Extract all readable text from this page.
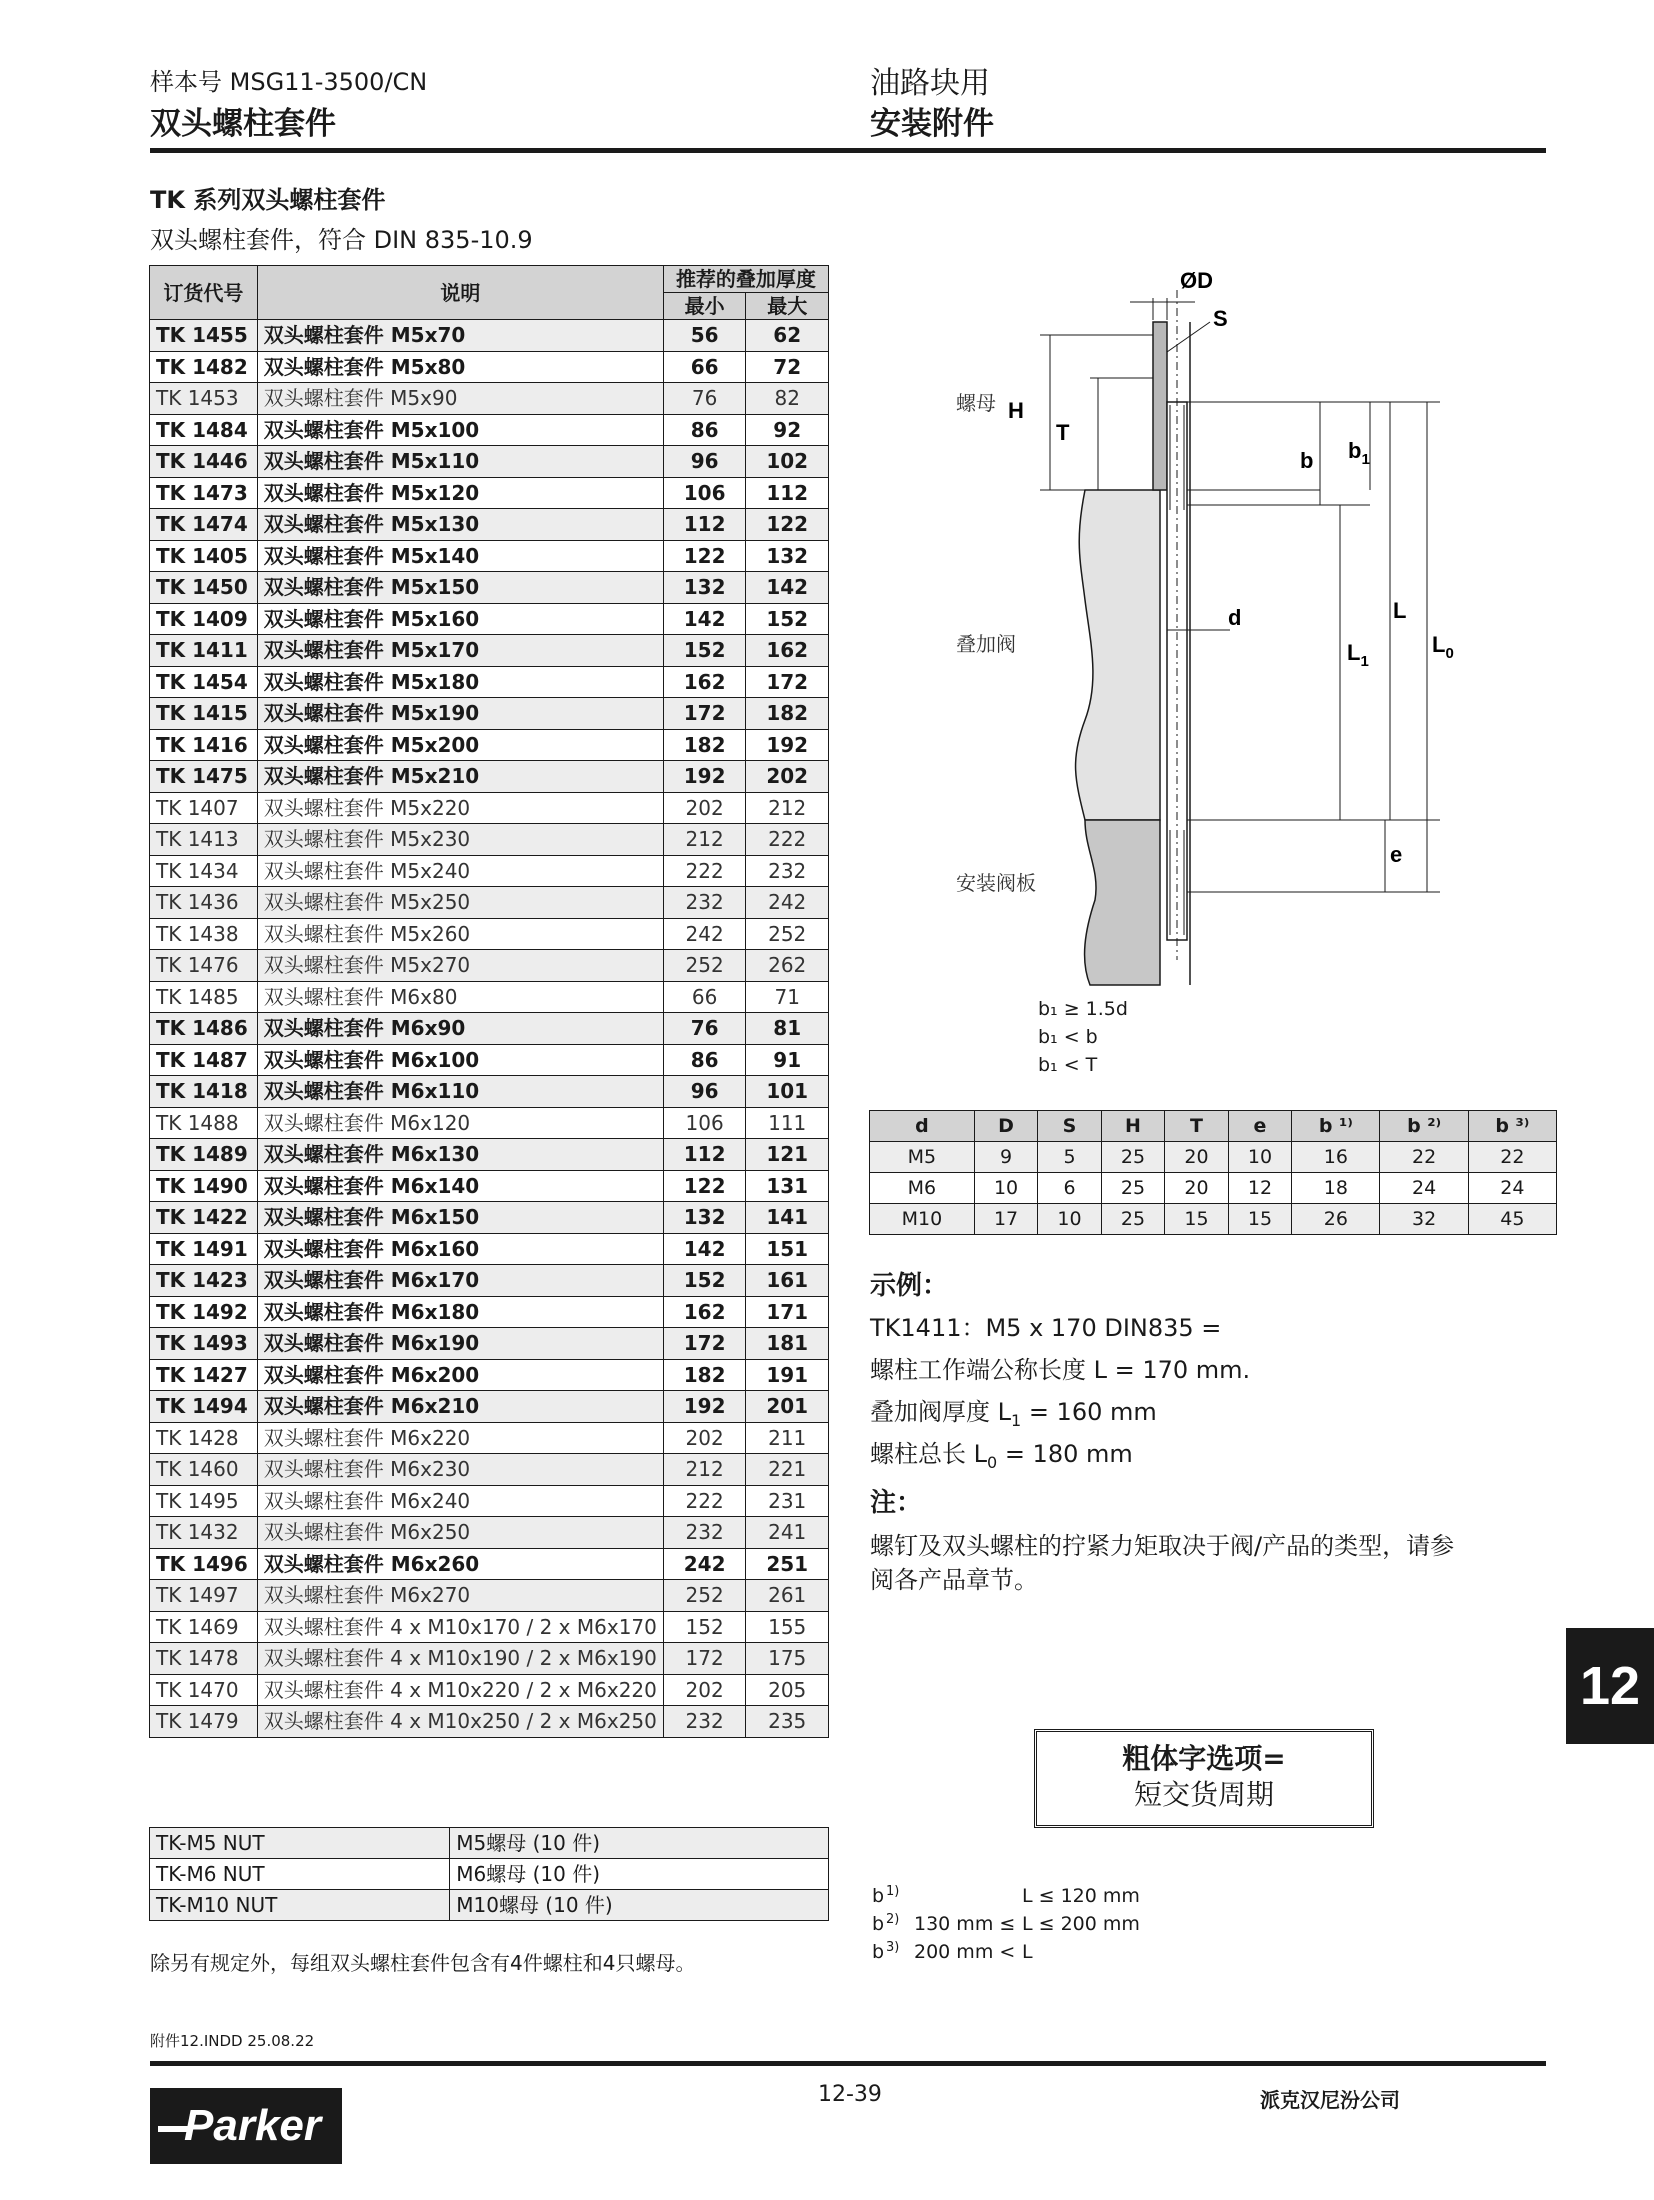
样本号 MSG11-3500/CN
双头螺柱套件
油路块用
安装附件
TK 系列双头螺柱套件
双头螺柱套件，符合 DIN 835-10.9
订货代号	说明	推荐的叠加厚度	
		最小	最大
TK 1455	双头螺柱套件 M5x70	56	62
TK 1482	双头螺柱套件 M5x80	66	72
TK 1453	双头螺柱套件 M5x90	76	82
TK 1484	双头螺柱套件 M5x100	86	92
TK 1446	双头螺柱套件 M5x110	96	102
TK 1473	双头螺柱套件 M5x120	106	112
TK 1474	双头螺柱套件 M5x130	112	122
TK 1405	双头螺柱套件 M5x140	122	132
TK 1450	双头螺柱套件 M5x150	132	142
TK 1409	双头螺柱套件 M5x160	142	152
TK 1411	双头螺柱套件 M5x170	152	162
TK 1454	双头螺柱套件 M5x180	162	172
TK 1415	双头螺柱套件 M5x190	172	182
TK 1416	双头螺柱套件 M5x200	182	192
TK 1475	双头螺柱套件 M5x210	192	202
TK 1407	双头螺柱套件 M5x220	202	212
TK 1413	双头螺柱套件 M5x230	212	222
TK 1434	双头螺柱套件 M5x240	222	232
TK 1436	双头螺柱套件 M5x250	232	242
TK 1438	双头螺柱套件 M5x260	242	252
TK 1476	双头螺柱套件 M5x270	252	262
TK 1485	双头螺柱套件 M6x80	66	71
TK 1486	双头螺柱套件 M6x90	76	81
TK 1487	双头螺柱套件 M6x100	86	91
TK 1418	双头螺柱套件 M6x110	96	101
TK 1488	双头螺柱套件 M6x120	106	111
TK 1489	双头螺柱套件 M6x130	112	121
TK 1490	双头螺柱套件 M6x140	122	131
TK 1422	双头螺柱套件 M6x150	132	141
TK 1491	双头螺柱套件 M6x160	142	151
TK 1423	双头螺柱套件 M6x170	152	161
TK 1492	双头螺柱套件 M6x180	162	171
TK 1493	双头螺柱套件 M6x190	172	181
TK 1427	双头螺柱套件 M6x200	182	191
TK 1494	双头螺柱套件 M6x210	192	201
TK 1428	双头螺柱套件 M6x220	202	211
TK 1460	双头螺柱套件 M6x230	212	221
TK 1495	双头螺柱套件 M6x240	222	231
TK 1432	双头螺柱套件 M6x250	232	241
TK 1496	双头螺柱套件 M6x260	242	251
TK 1497	双头螺柱套件 M6x270	252	261
TK 1469	双头螺柱套件 4 x M10x170 / 2 x M6x170	152	155
TK 1478	双头螺柱套件 4 x M10x190 / 2 x M6x190	172	175
TK 1470	双头螺柱套件 4 x M10x220 / 2 x M6x220	202	205
TK 1479	双头螺柱套件 4 x M10x250 / 2 x M6x250	232	235
TK-M5 NUT	M5螺母 (10 件)
TK-M6 NUT	M6螺母 (10 件)
TK-M10 NUT	M10螺母 (10 件)
除另有规定外，每组双头螺柱套件包含有4件螺柱和4只螺母。
ØD
S
H
T
b $b_1$
d	L
$L_1$
$L_0$
e
螺母
叠加阀
安装阀板
b₁ ≥ 1.5d
b₁ < b
b₁ < T
d	D	S	H	T	e	b ¹⁾	b ²⁾	b ³⁾
M5	9	5	25	20	10	16	22	22
M6	10	6	25	20	12	18	24	24
M10	17	10	25	15	15	26	32	45
示例：
TK1411：M5 x 170 DIN835 =
螺柱工作端公称长度 L = 170 mm.
叠加阀厚度 $L_1 = 160$ mm
螺柱总长 $L_0 = 180$ mm
注：
螺钉及双头螺柱的拧紧力矩取决于阀/产品的类型，请参
阅各产品章节。
12
粗体字选项=
短交货周期
b 1)	L ≤ 120 mm
b 2) 130 mm ≤ L ≤ 200 mm
b 3) 200 mm < L
附件12.INDD 25.08.22
12-39	派克汉尼汾公司
Parker
